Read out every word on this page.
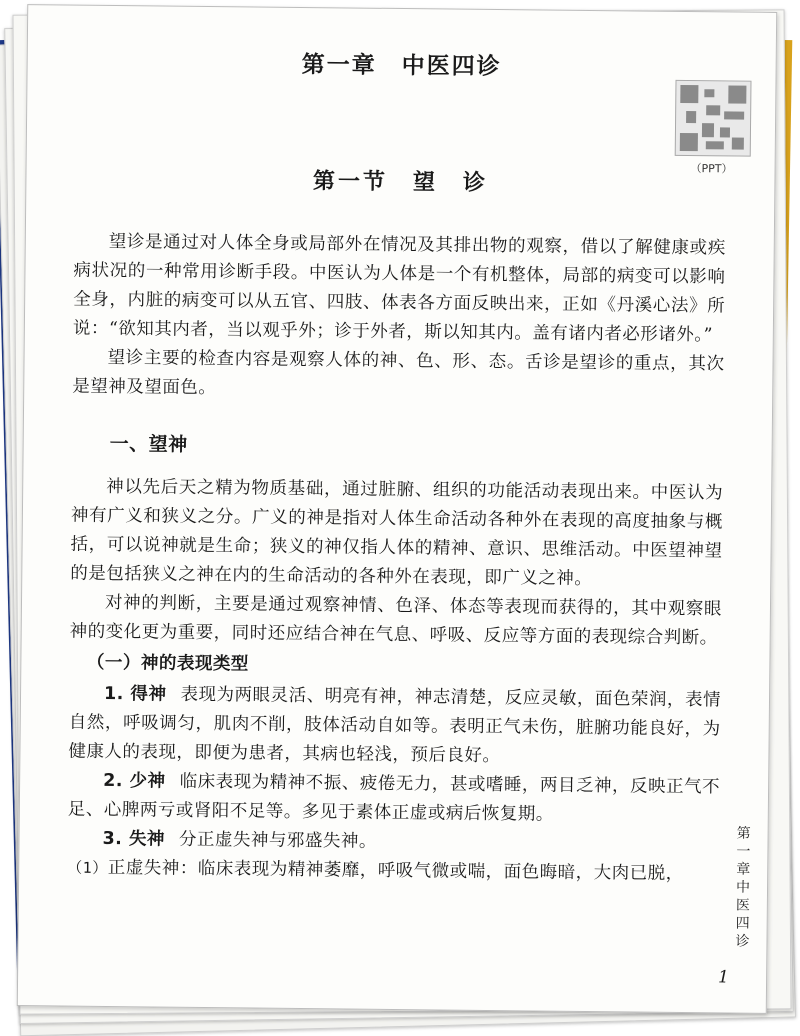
第一章　中医四诊
（PPT）
第一节　望　诊

望诊是通过对人体全身或局部外在情况及其排出物的观察，借以了解健康或疾病状况的一种常用诊断手段。中医认为人体是一个有机整体，局部的病变可以影响全身，内脏的病变可以从五官、四肢、体表各方面反映出来，正如《丹溪心法》所说：“欲知其内者，当以观乎外；诊于外者，斯以知其内。盖有诸内者必形诸外。”

望诊主要的检查内容是观察人体的神、色、形、态。舌诊是望诊的重点，其次是望神及望面色。

一、望神

神以先后天之精为物质基础，通过脏腑、组织的功能活动表现出来。中医认为神有广义和狭义之分。广义的神是指对人体生命活动各种外在表现的高度抽象与概括，可以说神就是生命；狭义的神仅指人体的精神、意识、思维活动。中医望神望的是包括狭义之神在内的生命活动的各种外在表现，即广义之神。

对神的判断，主要是通过观察神情、色泽、体态等表现而获得的，其中观察眼神的变化更为重要，同时还应结合神在气息、呼吸、反应等方面的表现综合判断。

（一）神的表现类型

1. 得神 表现为两眼灵活、明亮有神，神志清楚，反应灵敏，面色荣润，表情自然，呼吸调匀，肌肉不削，肢体活动自如等。表明正气未伤，脏腑功能良好，为健康人的表现，即便为患者，其病也轻浅，预后良好。

2. 少神 临床表现为精神不振、疲倦无力，甚或嗜睡，两目乏神，反映正气不足、心脾两亏或肾阳不足等。多见于素体正虚或病后恢复期。

3. 失神 分正虚失神与邪盛失神。

（1）正虚失神：临床表现为精神萎靡，呼吸气微或喘，面色晦暗，大肉已脱，

第一章　中医四诊
1
